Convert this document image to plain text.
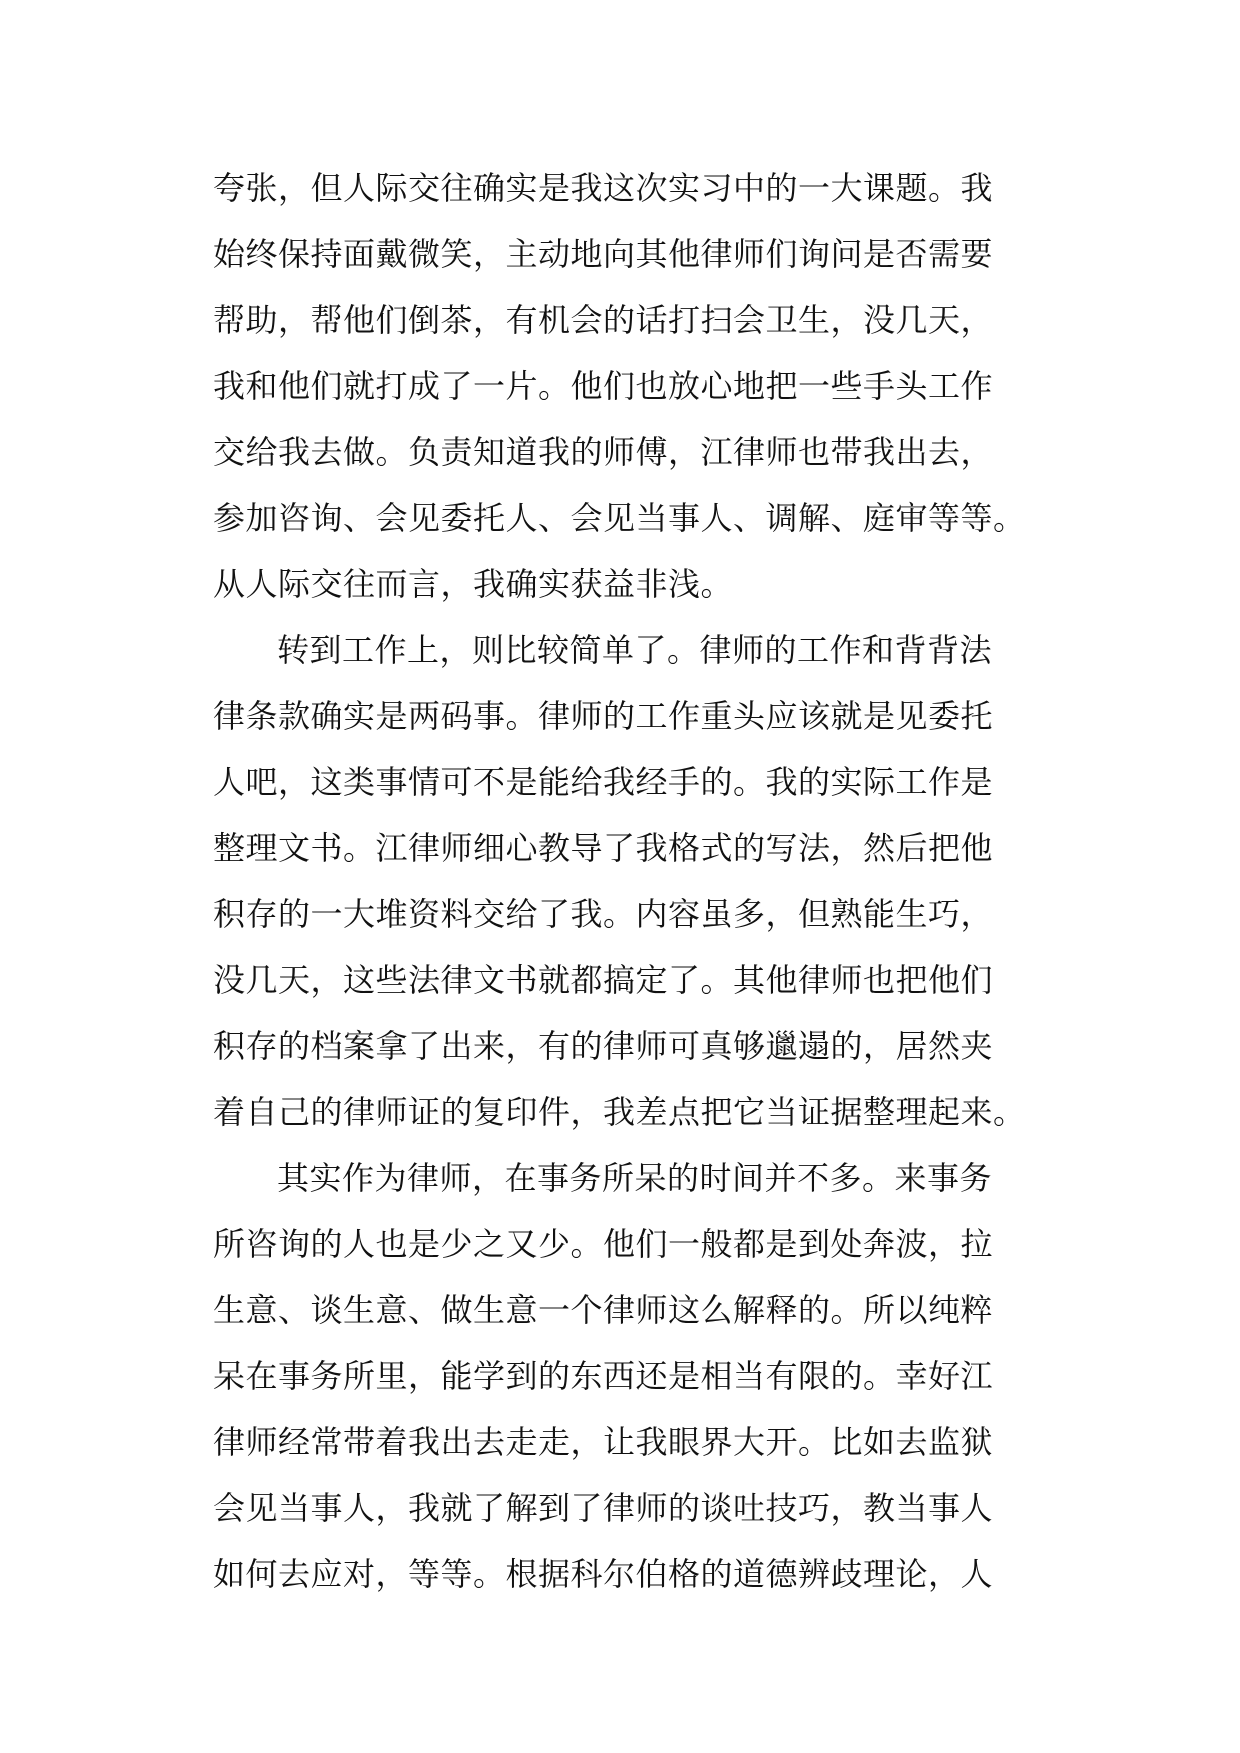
夸张，但人际交往确实是我这次实习中的一大课题。我
始终保持面戴微笑，主动地向其他律师们询问是否需要
帮助，帮他们倒茶，有机会的话打扫会卫生，没几天，
我和他们就打成了一片。他们也放心地把一些手头工作
交给我去做。负责知道我的师傅，江律师也带我出去，
参加咨询、会见委托人、会见当事人、调解、庭审等等。
从人际交往而言，我确实获益非浅。
转到工作上，则比较简单了。律师的工作和背背法
律条款确实是两码事。律师的工作重头应该就是见委托
人吧，这类事情可不是能给我经手的。我的实际工作是
整理文书。江律师细心教导了我格式的写法，然后把他
积存的一大堆资料交给了我。内容虽多，但熟能生巧，
没几天，这些法律文书就都搞定了。其他律师也把他们
积存的档案拿了出来，有的律师可真够邋遢的，居然夹
着自己的律师证的复印件，我差点把它当证据整理起来。
其实作为律师，在事务所呆的时间并不多。来事务
所咨询的人也是少之又少。他们一般都是到处奔波，拉
生意、谈生意、做生意一个律师这么解释的。所以纯粹
呆在事务所里，能学到的东西还是相当有限的。幸好江
律师经常带着我出去走走，让我眼界大开。比如去监狱
会见当事人，我就了解到了律师的谈吐技巧，教当事人
如何去应对，等等。根据科尔伯格的道德辨歧理论，人
